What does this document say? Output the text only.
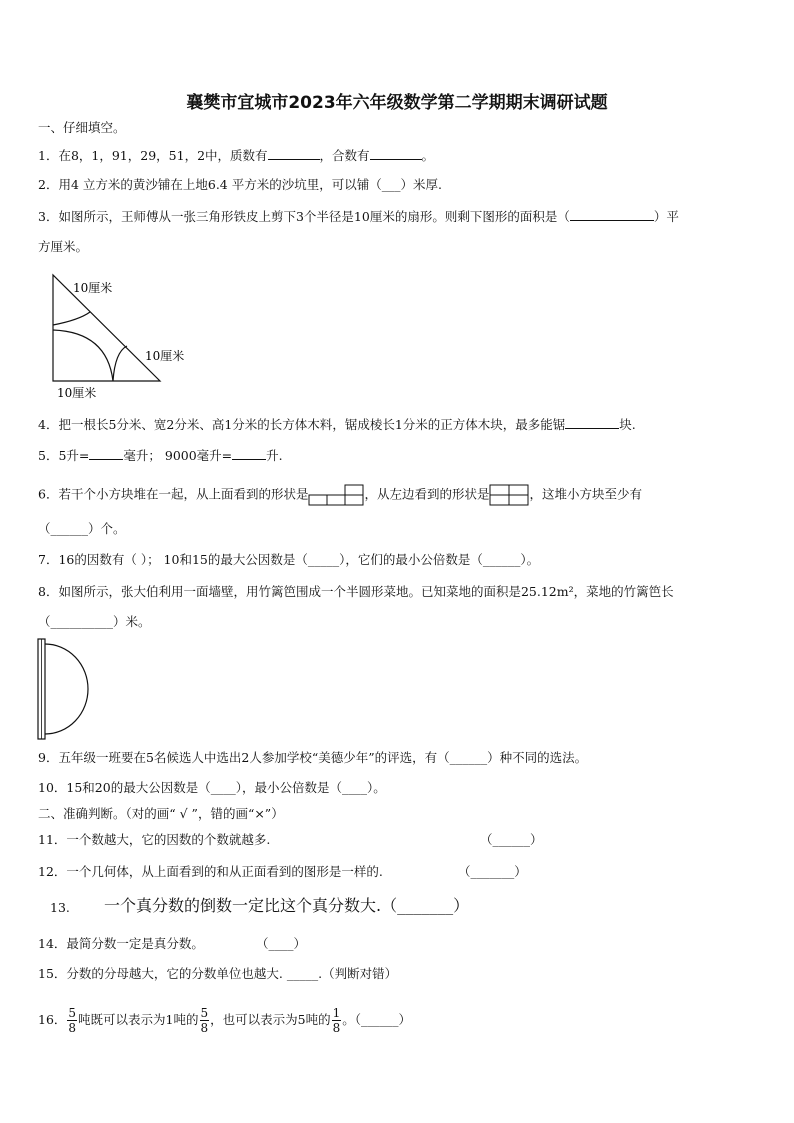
襄樊市宜城市2023年六年级数学第二学期期末调研试题
一、仔细填空。
1．在8，1，91，29，51，2中，质数有	，合数有	。
2．用4 立方米的黄沙铺在上地6.4 平方米的沙坑里，可以铺（___）米厚.
3．如图所示，王师傅从一张三角形铁皮上剪下3个半径是10厘米的扇形。则剩下图形的面积是（	）平
方厘米。
10厘米
10厘米
10厘米
4．把一根长5分米、宽2分米、高1分米的长方体木料，锯成棱长1分米的正方体木块，最多能锯	块.
5．5升=	毫升； 9000毫升=	升.
6．若干个小方块堆在一起，从上面看到的形状是	，从左边看到的形状是	，这堆小方块至少有
（______）个。
7．16的因数有（ ）； 10和15的最大公因数是（_____），它们的最小公倍数是（______）。
8．如图所示，张大伯利用一面墙壁，用竹篱笆围成一个半圆形菜地。已知菜地的面积是25.12m²，菜地的竹篱笆长
（__________）米。
9．五年级一班要在5名候选人中选出2人参加学校“美德少年”的评选，有（______）种不同的选法。
10．15和20的最大公因数是（____），最小公倍数是（____）。
二、准确判断。（对的画“ √ ”，错的画“×”）
11．一个数越大，它的因数的个数就越多.	（______）
12．一个几何体，从上面看到的和从正面看到的图形是一样的.	（_______）
13. 一个真分数的倒数一定比这个真分数大.（_______）
14．最简分数一定是真分数。	（____）
15．分数的分母越大，它的分数单位也越大. _____.（判断对错）
16． $\frac{5}{8}$ 吨既可以表示为1吨的 $\frac{5}{8}$ ，也可以表示为5吨的 $\frac{1}{8}$ 。（______）
